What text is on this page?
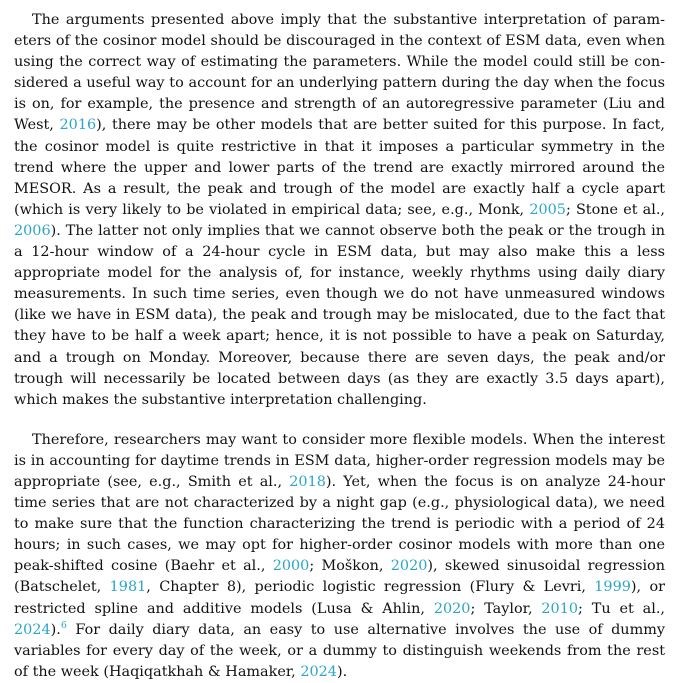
The arguments presented above imply that the substantive interpretation of parameters of the cosinor model should be discouraged in the context of ESM data, even when using the correct way of estimating the parameters. While the model could still be considered a useful way to account for an underlying pattern during the day when the focus is on, for example, the presence and strength of an autoregressive parameter (Liu and West, 2016), there may be other models that are better suited for this purpose. In fact, the cosinor model is quite restrictive in that it imposes a particular symmetry in the trend where the upper and lower parts of the trend are exactly mirrored around the MESOR. As a result, the peak and trough of the model are exactly half a cycle apart (which is very likely to be violated in empirical data; see, e.g., Monk, 2005; Stone et al., 2006). The latter not only implies that we cannot observe both the peak or the trough in a 12-hour window of a 24-hour cycle in ESM data, but may also make this a less appropriate model for the analysis of, for instance, weekly rhythms using daily diary measurements. In such time series, even though we do not have unmeasured windows (like we have in ESM data), the peak and trough may be mislocated, due to the fact that they have to be half a week apart; hence, it is not possible to have a peak on Saturday, and a trough on Monday. Moreover, because there are seven days, the peak and/or trough will necessarily be located between days (as they are exactly 3.5 days apart), which makes the substantive interpretation challenging.

Therefore, researchers may want to consider more flexible models. When the interest is in accounting for daytime trends in ESM data, higher-order regression models may be appropriate (see, e.g., Smith et al., 2018). Yet, when the focus is on analyze 24-hour time series that are not characterized by a night gap (e.g., physiological data), we need to make sure that the function characterizing the trend is periodic with a period of 24 hours; in such cases, we may opt for higher-order cosinor models with more than one peak-shifted cosine (Baehr et al., 2000; Moškon, 2020), skewed sinusoidal regression (Batschelet, 1981, Chapter 8), periodic logistic regression (Flury & Levri, 1999), or restricted spline and additive models (Lusa & Ahlin, 2020; Taylor, 2010; Tu et al., 2024).$^6$ For daily diary data, an easy to use alternative involves the use of dummy variables for every day of the week, or a dummy to distinguish weekends from the rest of the week (Haqiqatkhah & Hamaker, 2024).
